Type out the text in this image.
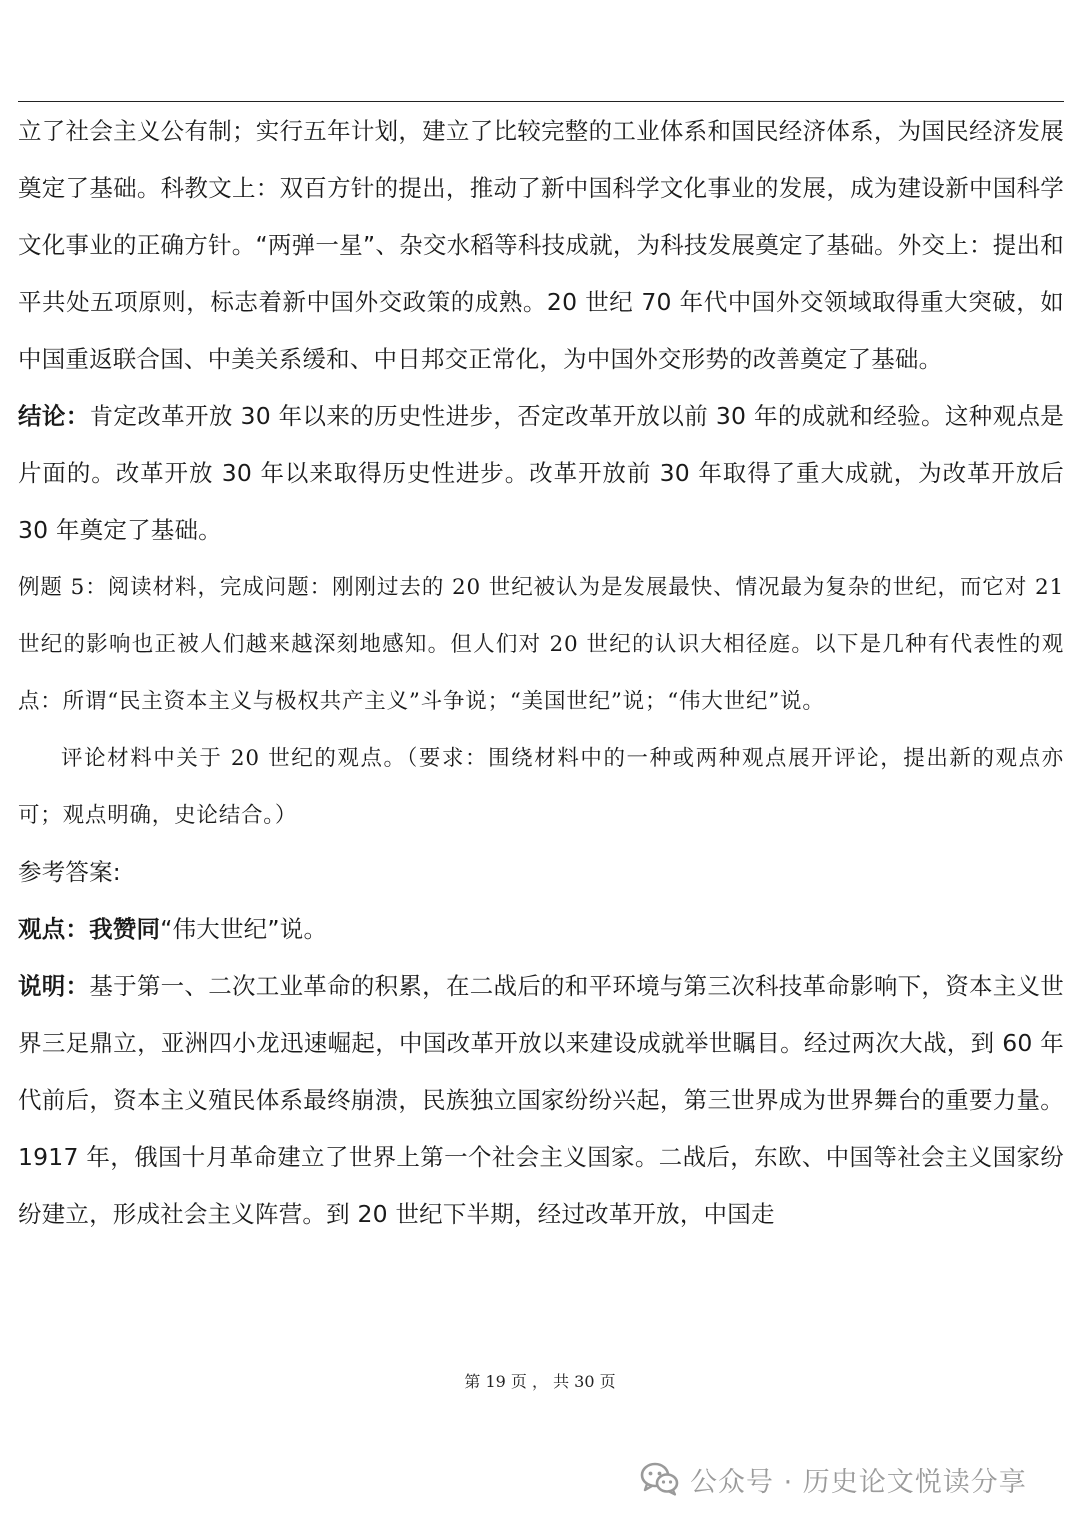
立了社会主义公有制；实行五年计划，建立了比较完整的工业体系和国民经济体系，为国民经济发展奠定了基础。科教文上：双百方针的提出，推动了新中国科学文化事业的发展，成为建设新中国科学文化事业的正确方针。“两弹一星”、杂交水稻等科技成就，为科技发展奠定了基础。外交上：提出和平共处五项原则，标志着新中国外交政策的成熟。20 世纪 70 年代中国外交领域取得重大突破，如中国重返联合国、中美关系缓和、中日邦交正常化，为中国外交形势的改善奠定了基础。

结论：肯定改革开放 30 年以来的历史性进步，否定改革开放以前 30 年的成就和经验。这种观点是片面的。改革开放 30 年以来取得历史性进步。改革开放前 30 年取得了重大成就，为改革开放后 30 年奠定了基础。

例题 5：阅读材料，完成问题：刚刚过去的 20 世纪被认为是发展最快、情况最为复杂的世纪，而它对 21 世纪的影响也正被人们越来越深刻地感知。但人们对 20 世纪的认识大相径庭。以下是几种有代表性的观点：所谓“民主资本主义与极权共产主义”斗争说；“美国世纪”说；“伟大世纪”说。

评论材料中关于 20 世纪的观点。（要求：围绕材料中的一种或两种观点展开评论，提出新的观点亦可；观点明确，史论结合。）

参考答案:

观点：我赞同“伟大世纪”说。

说明：基于第一、二次工业革命的积累，在二战后的和平环境与第三次科技革命影响下，资本主义世界三足鼎立，亚洲四小龙迅速崛起，中国改革开放以来建设成就举世瞩目。经过两次大战，到 60 年代前后，资本主义殖民体系最终崩溃，民族独立国家纷纷兴起，第三世界成为世界舞台的重要力量。1917 年，俄国十月革命建立了世界上第一个社会主义国家。二战后，东欧、中国等社会主义国家纷纷建立，形成社会主义阵营。到 20 世纪下半期，经过改革开放，中国走

第 19 页 ， 共 30 页
公众号 · 历史论文悦读分享
